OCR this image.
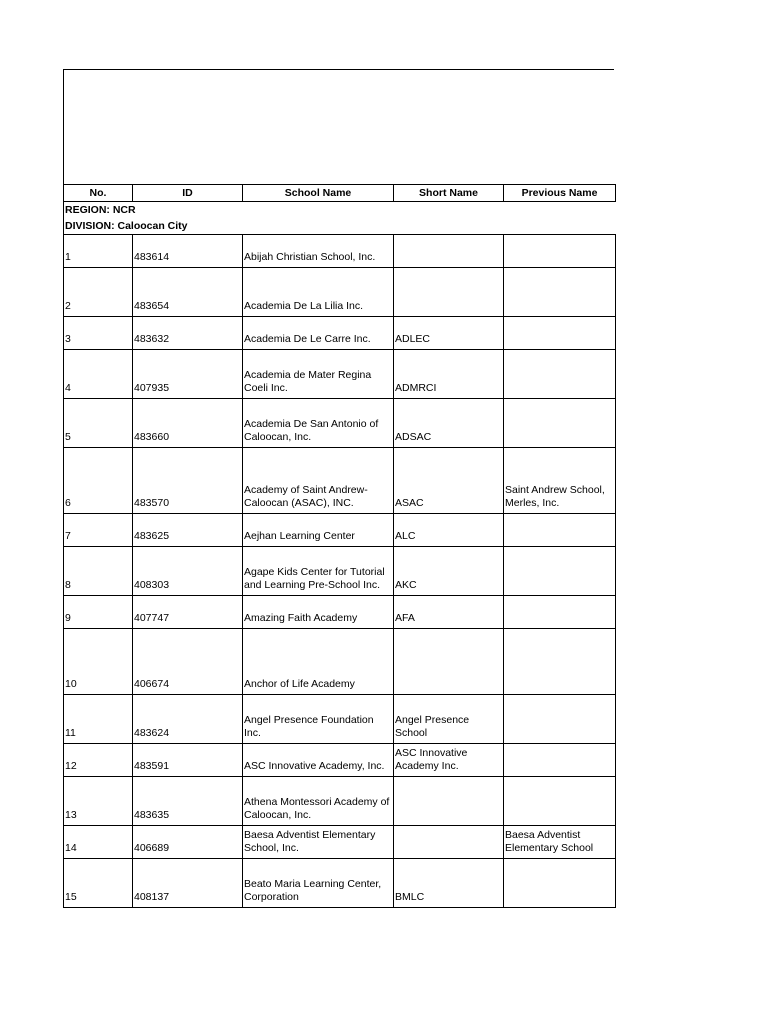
No.	ID	School Name	Short Name	Previous Name
REGION: NCR				
DIVISION: Caloocan City				
1	483614	Abijah Christian School, Inc.		
2	483654	Academia De La Lilia Inc.		
3	483632	Academia De Le Carre Inc.	ADLEC	
4	407935	Academia de Mater Regina Coeli Inc.	ADMRCI	
5	483660	Academia De San Antonio of Caloocan, Inc.	ADSAC	
6	483570	Academy of Saint Andrew-Caloocan (ASAC), INC.	ASAC	Saint Andrew School, Merles, Inc.
7	483625	Aejhan Learning Center	ALC	
8	408303	Agape Kids Center for Tutorial and Learning Pre-School Inc.	AKC	
9	407747	Amazing Faith Academy	AFA	
10	406674	Anchor of Life Academy		
11	483624	Angel Presence Foundation Inc.	Angel Presence School	
12	483591	ASC Innovative Academy, Inc.	ASC Innovative Academy Inc.	
13	483635	Athena Montessori Academy of Caloocan, Inc.		
14	406689	Baesa Adventist Elementary School, Inc.		Baesa Adventist Elementary School
15	408137	Beato Maria Learning Center, Corporation	BMLC	
